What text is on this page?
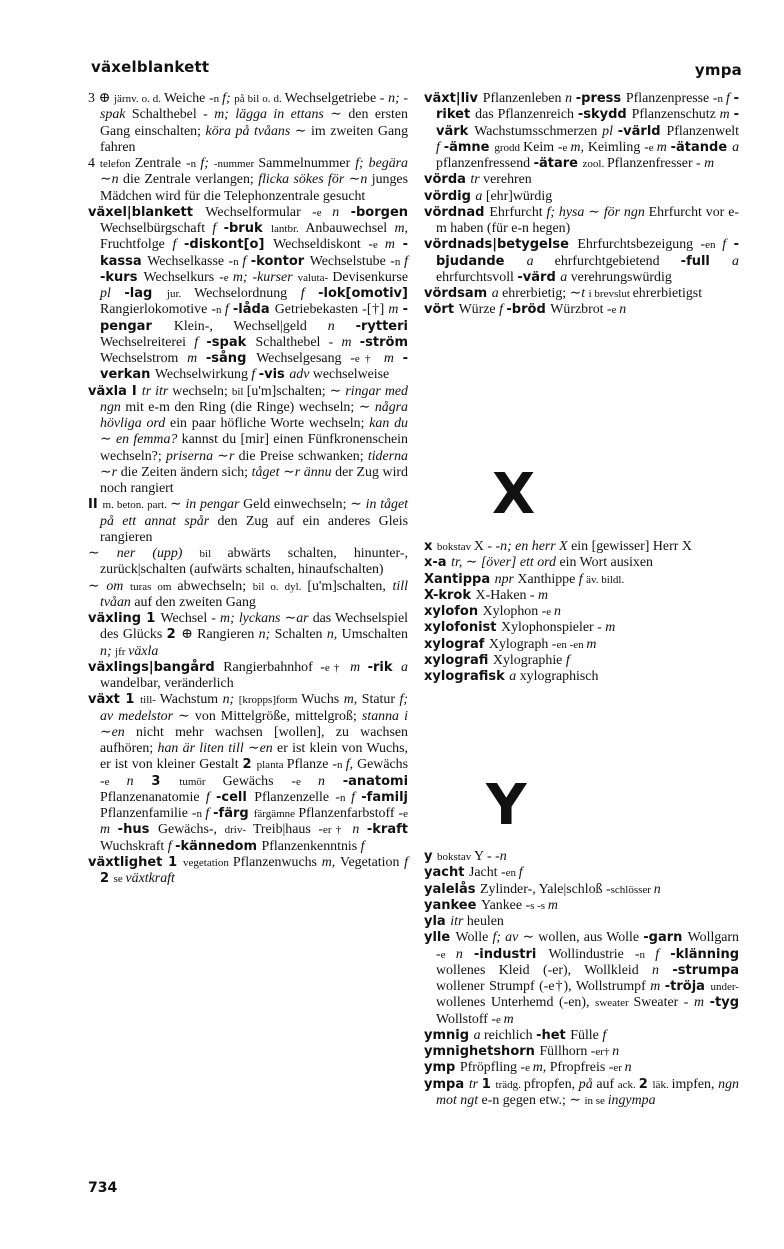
växelblankett	ympa

3 ⊕ järnv. o. d. Weiche -n f; på bil o. d. Wechselgetriebe - n; -spak Schalthebel - m; lägga in ettans ∼ den ersten Gang einschalten; köra på tvåans ∼ im zweiten Gang fahren

4 telefon Zentrale -n f; -nummer Sammelnummer f; begära ∼n die Zentrale verlangen; flicka sökes för ∼n junges Mädchen wird für die Telephonzentrale gesucht

växel|blankett Wechselformular -e n -borgen Wechselbürgschaft f -bruk lantbr. Anbauwechsel m, Fruchtfolge f -diskont[o] Wechseldiskont -e m -kassa Wechselkasse -n f -kontor Wechselstube -n f -kurs Wechselkurs -e m; -kurser valuta- Devisenkurse pl -lag jur. Wechselordnung f -lok[omotiv] Rangierlokomotive -n f -låda Getriebekasten -[†] m -pengar Klein-, Wechsel|geld n -rytteri Wechselreiterei f -spak Schalthebel - m -ström Wechselstrom m -sång Wechselgesang -e† m -verkan Wechselwirkung f -vis adv wechselweise

växla I tr itr wechseln; bil [u'm]schalten; ∼ ringar med ngn mit e-m den Ring (die Ringe) wechseln; ∼ några hövliga ord ein paar höfliche Worte wechseln; kan du ∼ en femma? kannst du [mir] einen Fünfkronenschein wechseln?; priserna ∼r die Preise schwanken; tiderna ∼r die Zeiten ändern sich; tåget ∼r ännu der Zug wird noch rangiert

II m. beton. part. ∼ in pengar Geld einwechseln; ∼ in tåget på ett annat spår den Zug auf ein anderes Gleis rangieren

∼ ner (upp) bil abwärts schalten, hinunter-, zurück|schalten (aufwärts schalten, hinaufschalten)

∼ om turas om abwechseln; bil o. dyl. [u'm]schalten, till tvåan auf den zweiten Gang

växling 1 Wechsel - m; lyckans ∼ar das Wechselspiel des Glücks 2 ⊕ Rangieren n; Schalten n, Umschalten n; jfr växla

växlings|bangård Rangierbahnhof -e† m -rik a wandelbar, veränderlich

växt 1 till- Wachstum n; [kropps]form Wuchs m, Statur f; av medelstor ∼ von Mittelgröße, mittelgroß; stanna i ∼en nicht mehr wachsen [wollen], zu wachsen aufhören; han är liten till ∼en er ist klein von Wuchs, er ist von kleiner Gestalt 2 planta Pflanze -n f, Gewächs -e n 3 tumör Gewächs -e n -anatomi Pflanzenanatomie f -cell Pflanzenzelle -n f -familj Pflanzenfamilie -n f -färg färgämne Pflanzenfarbstoff -e m -hus Gewächs-, driv- Treib|haus -er† n -kraft Wuchskraft f -kännedom Pflanzenkenntnis f

växtlighet 1 vegetation Pflanzenwuchs m, Vegetation f 2 se växtkraft

växt|liv Pflanzenleben n -press Pflanzenpresse -n f -riket das Pflanzenreich -skydd Pflanzenschutz m -värk Wachstumsschmerzen pl -värld Pflanzenwelt f -ämne grodd Keim -e m, Keimling -e m -ätande a pflanzenfressend -ätare zool. Pflanzenfresser - m

vörda tr verehren

vördig a [ehr]würdig

vördnad Ehrfurcht f; hysa ∼ för ngn Ehrfurcht vor e-m haben (für e-n hegen)

vördnads|betygelse Ehrfurchtsbezeigung -en f -bjudande a ehrfurchtgebietend -full a ehrfurchtsvoll -värd a verehrungswürdig

vördsam a ehrerbietig; ∼t i brevslut ehrerbietigst

vört Würze f -bröd Würzbrot -e n

X

x bokstav X - -n; en herr X ein [gewisser] Herr X

x-a tr, ∼ [över] ett ord ein Wort ausixen

Xantippa npr Xanthippe f äv. bildl.

X-krok X-Haken - m

xylofon Xylophon -e n

xylofonist Xylophonspieler - m

xylograf Xylograph -en -en m

xylografi Xylographie f

xylografisk a xylographisch

Y

y bokstav Y - -n

yacht Jacht -en f

yalelås Zylinder-, Yale|schloß -schlösser n

yankee Yankee -s -s m

yla itr heulen

ylle Wolle f; av ∼ wollen, aus Wolle -garn Wollgarn -e n -industri Wollindustrie -n f -klänning wollenes Kleid (-er), Wollkleid n -strumpa wollener Strumpf (-e†), Wollstrumpf m -tröja under- wollenes Unterhemd (-en), sweater Sweater - m -tyg Wollstoff -e m

ymnig a reichlich -het Fülle f

ymnighetshorn Füllhorn -er† n

ymp Pfröpfling -e m, Pfropfreis -er n

ympa tr 1 trädg. pfropfen, på auf ack. 2 läk. impfen, ngn mot ngt e-n gegen etw.; ∼ in se ingympa

734
